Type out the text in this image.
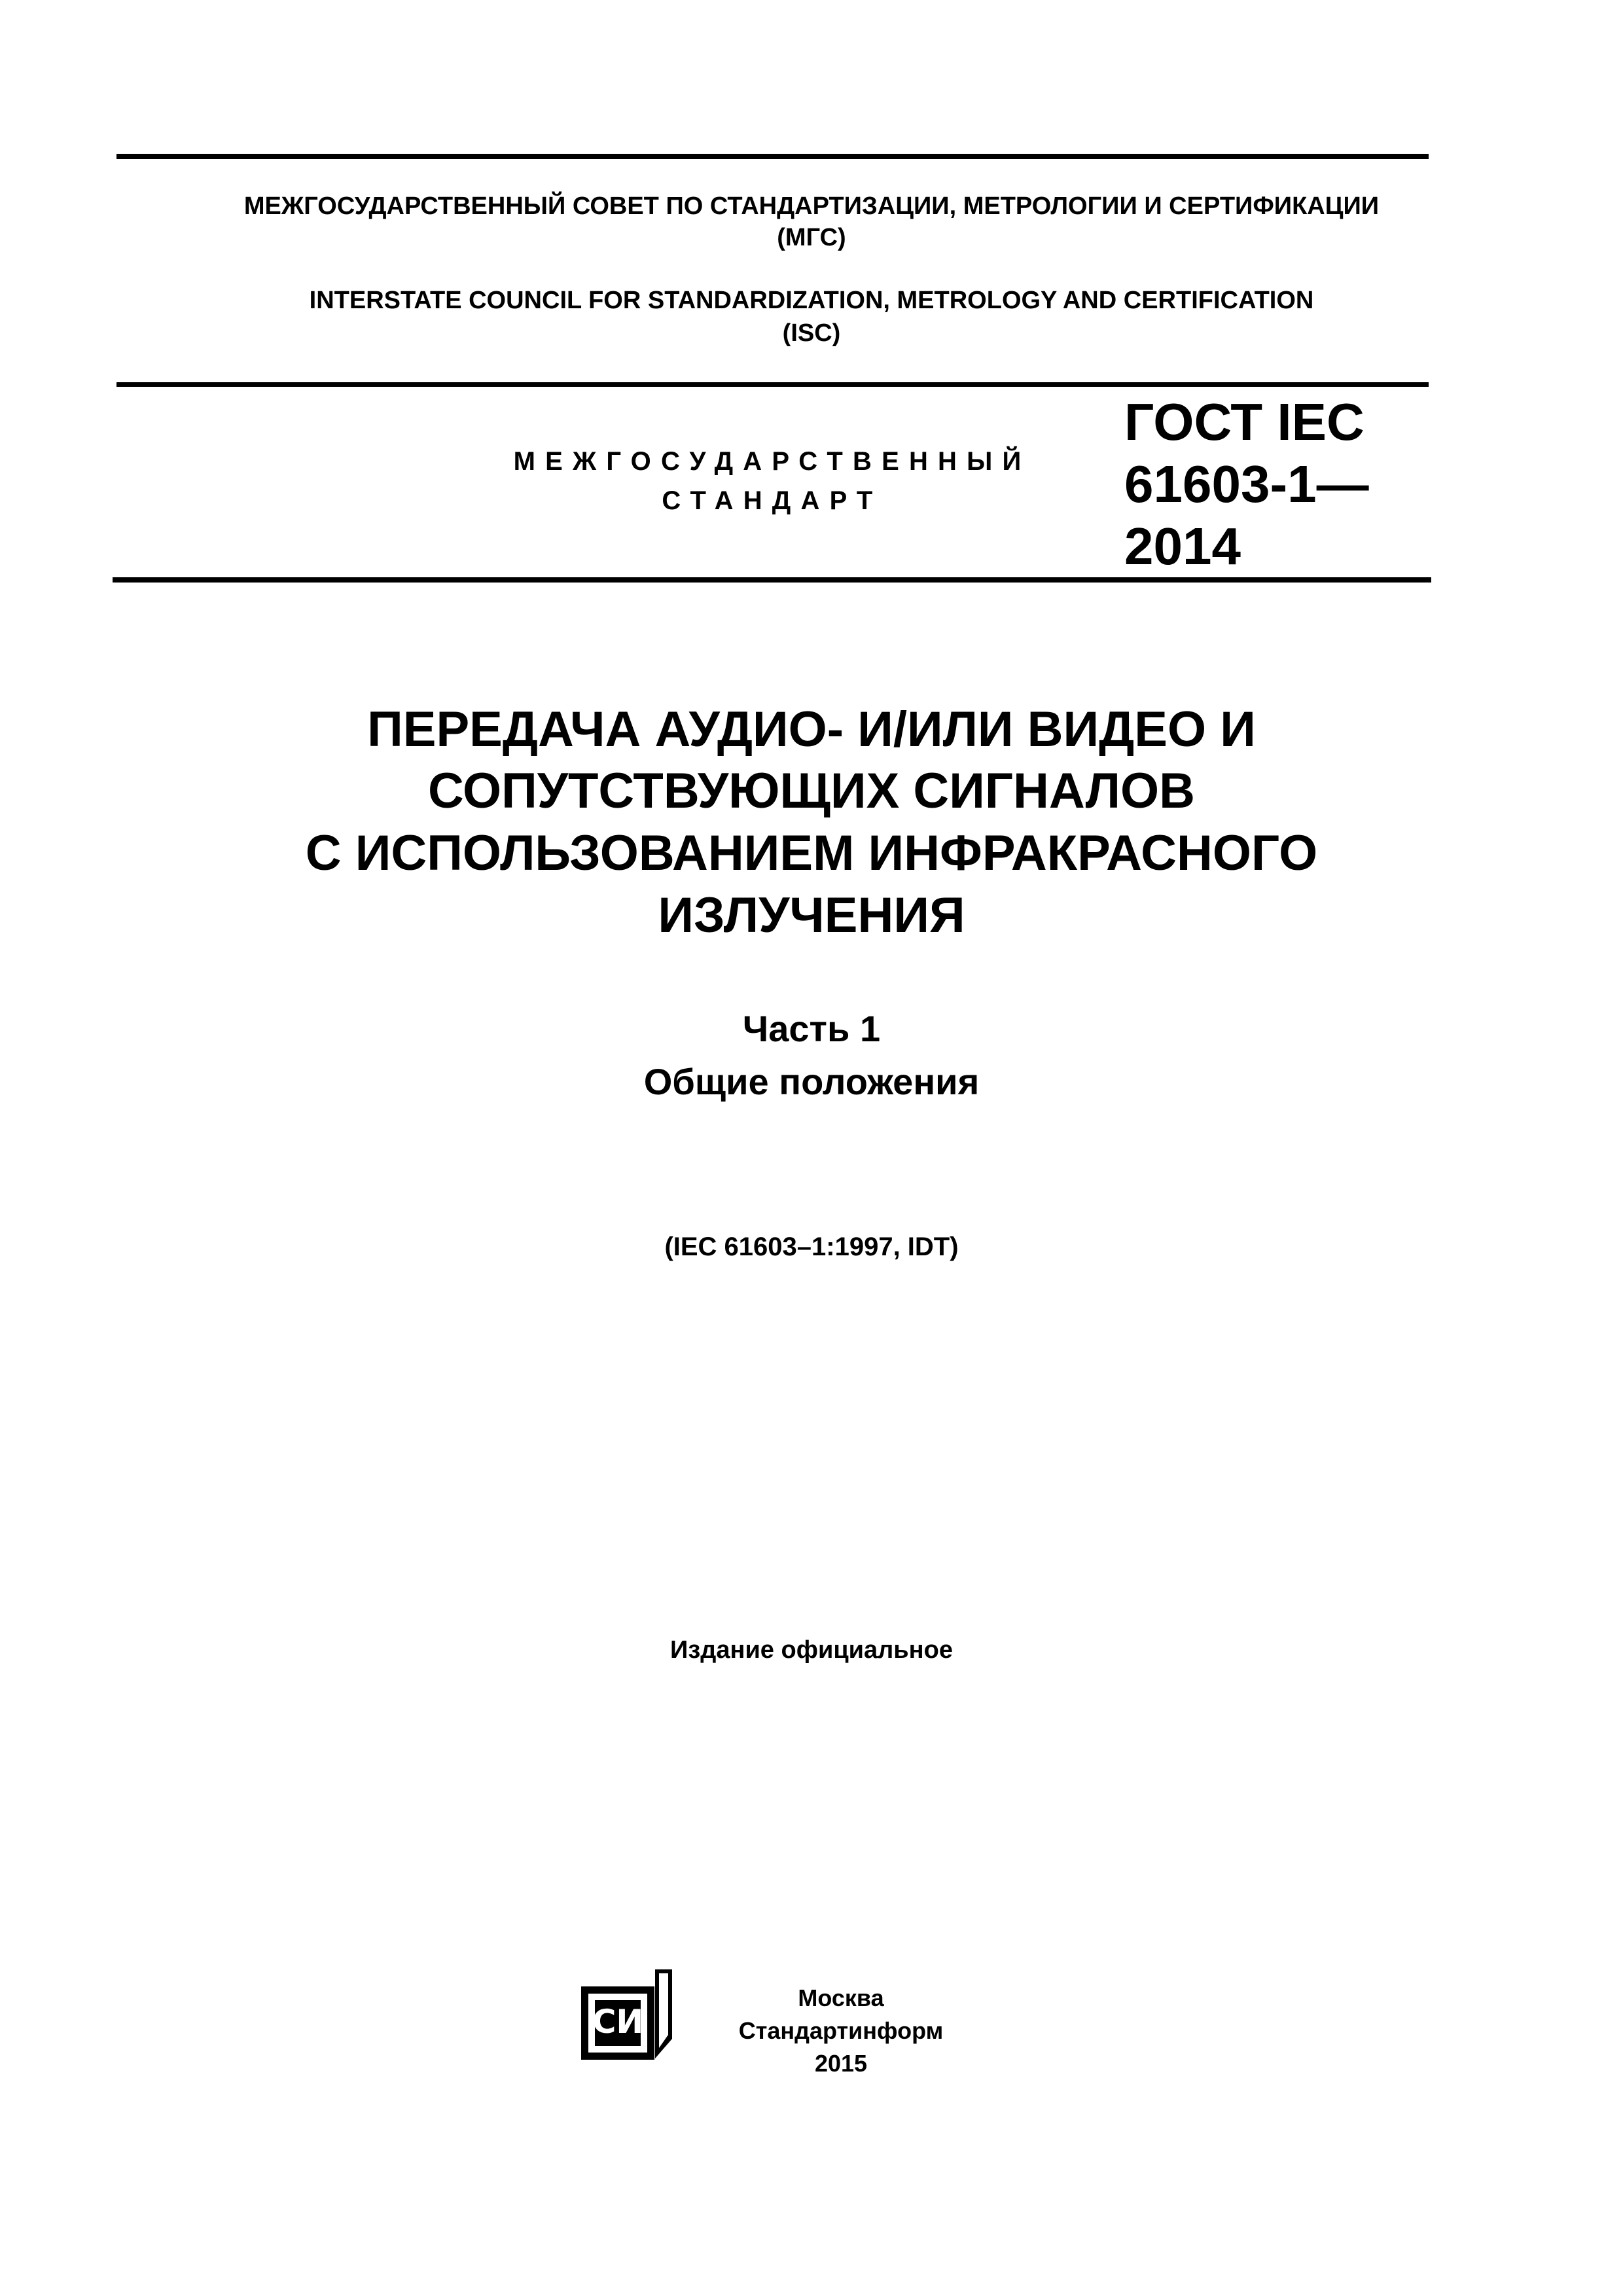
МЕЖГОСУДАРСТВЕННЫЙ СОВЕТ ПО СТАНДАРТИЗАЦИИ, МЕТРОЛОГИИ И СЕРТИФИКАЦИИ
(МГС)
INTERSTATE COUNCIL FOR STANDARDIZATION, METROLOGY AND CERTIFICATION
(ISC)
МЕЖГОСУДАРСТВЕННЫЙ
СТАНДАРТ
ГОСТ IEC
61603-1—
2014
ПЕРЕДАЧА АУДИО- И/ИЛИ ВИДЕО И
СОПУТСТВУЮЩИХ СИГНАЛОВ
С ИСПОЛЬЗОВАНИЕМ ИНФРАКРАСНОГО
ИЗЛУЧЕНИЯ
Часть 1
Общие положения
(IEC 61603–1:1997, IDT)
Издание официальное
СИ
Москва
Стандартинформ
2015
